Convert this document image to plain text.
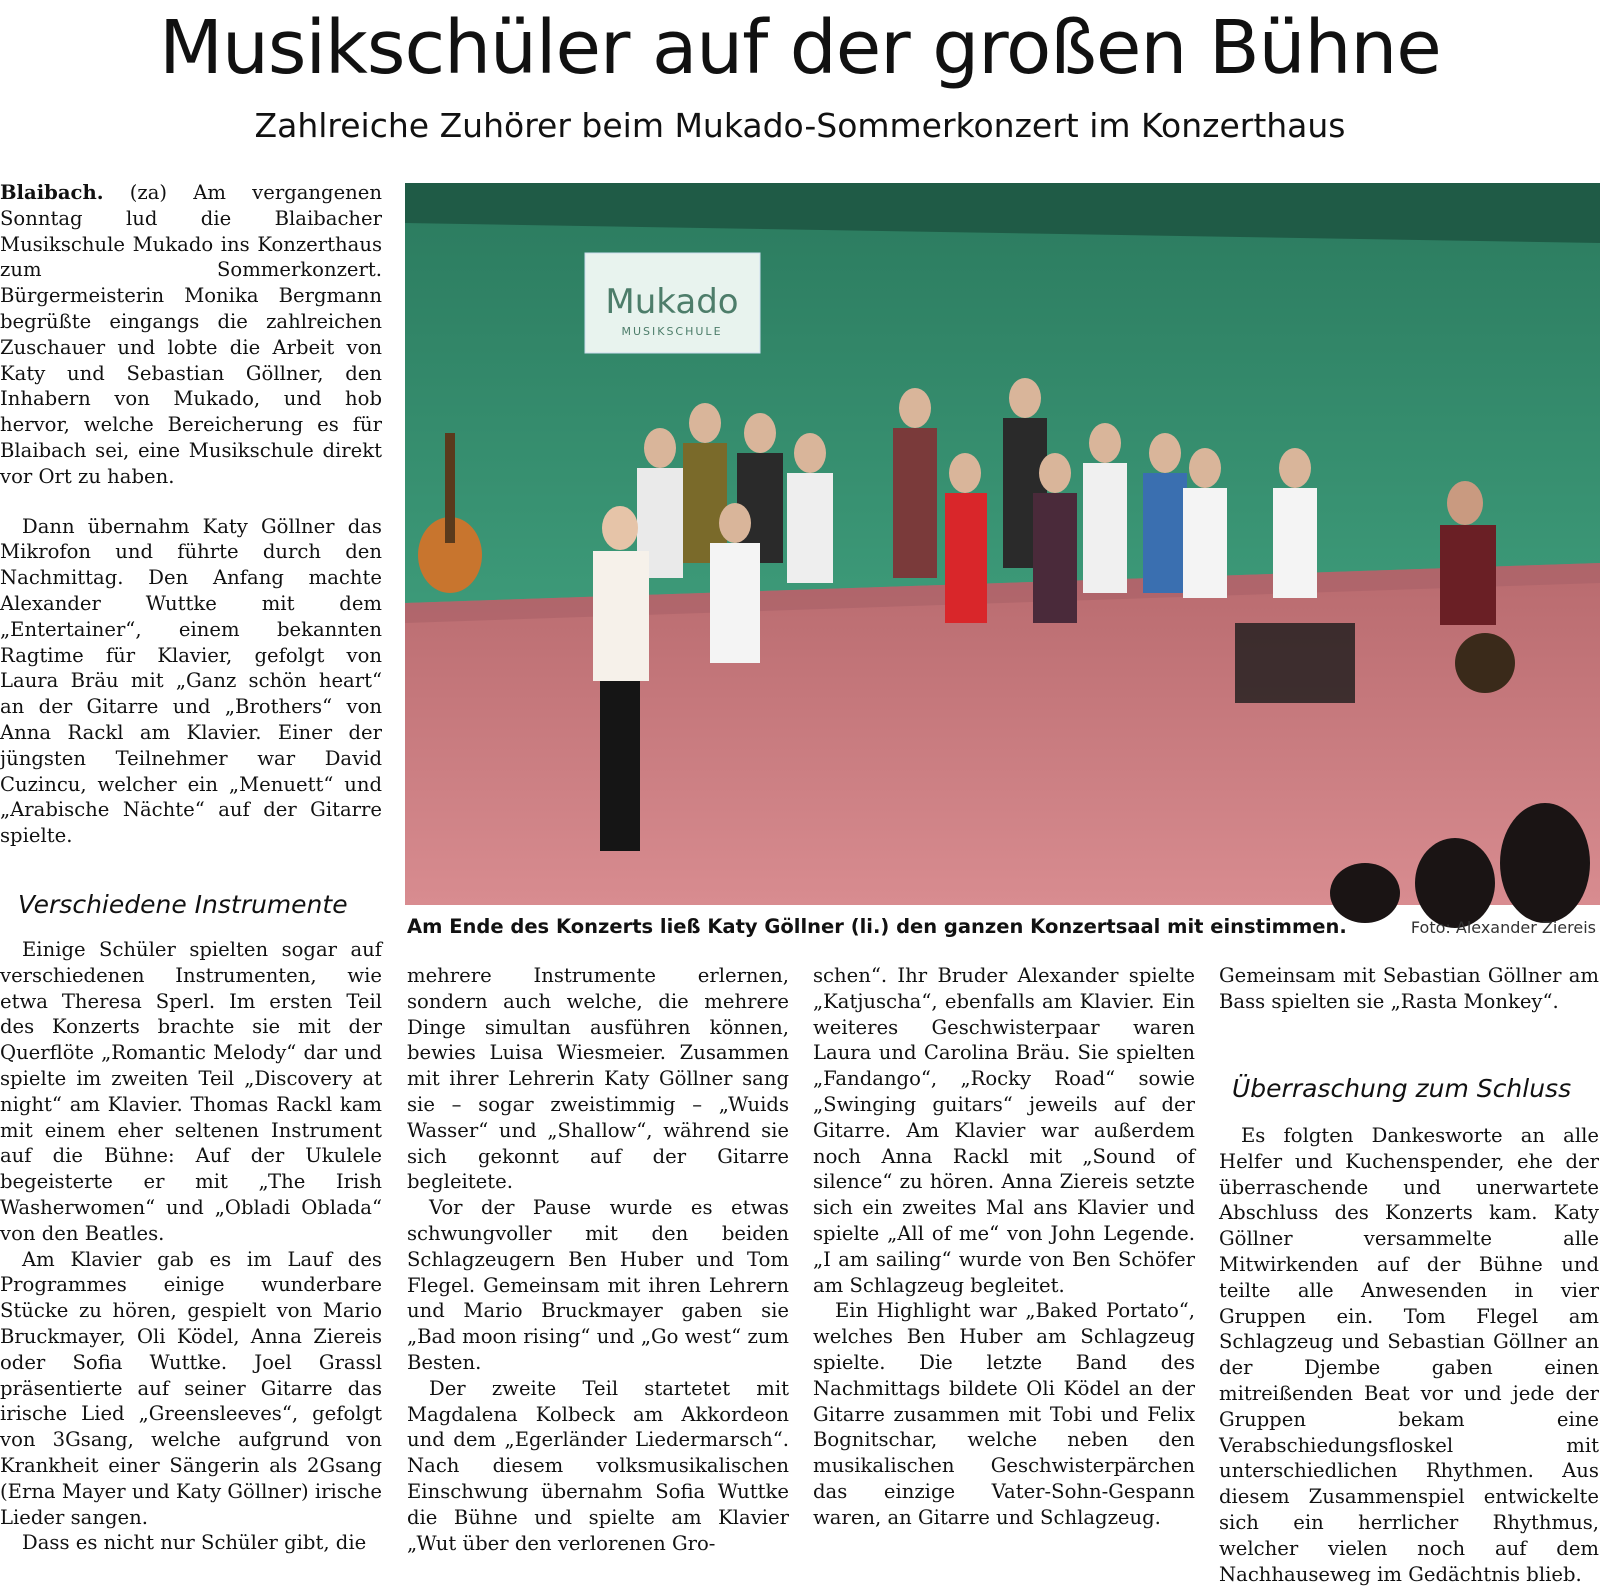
Musikschüler auf der großen Bühne
Zahlreiche Zuhörer beim Mukado-Sommerkonzert im Konzerthaus

Blaibach. (za) Am vergangenen Sonntag lud die Blaibacher Musikschule Mukado ins Konzerthaus zum Sommerkonzert. Bürgermeisterin Monika Bergmann begrüßte eingangs die zahlreichen Zuschauer und lobte die Arbeit von Katy und Sebastian Göllner, den Inhabern von Mukado, und hob hervor, welche Bereicherung es für Blaibach sei, eine Musikschule direkt vor Ort zu haben.

Dann übernahm Katy Göllner das Mikrofon und führte durch den Nachmittag. Den Anfang machte Alexander Wuttke mit dem „Entertainer“, einem bekannten Ragtime für Klavier, gefolgt von Laura Bräu mit „Ganz schön heart“ an der Gitarre und „Brothers“ von Anna Rackl am Klavier. Einer der jüngsten Teilnehmer war David Cuzincu, welcher ein „Menuett“ und „Arabische Nächte“ auf der Gitarre spielte.

Verschiedene Instrumente

Einige Schüler spielten sogar auf verschiedenen Instrumenten, wie etwa Theresa Sperl. Im ersten Teil des Konzerts brachte sie mit der Querflöte „Romantic Melody“ dar und spielte im zweiten Teil „Discovery at night“ am Klavier. Thomas Rackl kam mit einem eher seltenen Instrument auf die Bühne: Auf der Ukulele begeisterte er mit „The Irish Washerwomen“ und „Obladi Oblada“ von den Beatles.

Am Klavier gab es im Lauf des Programmes einige wunderbare Stücke zu hören, gespielt von Mario Bruckmayer, Oli Ködel, Anna Ziereis oder Sofia Wuttke. Joel Grassl präsentierte auf seiner Gitarre das irische Lied „Greensleeves“, gefolgt von 3Gsang, welche aufgrund von Krankheit einer Sängerin als 2Gsang (Erna Mayer und Katy Göllner) irische Lieder sangen.

Dass es nicht nur Schüler gibt, die

Mukado
MUSIKSCHULE

Am Ende des Konzerts ließ Katy Göllner (li.) den ganzen Konzertsaal mit einstimmen.	Foto: Alexander Ziereis

mehrere Instrumente erlernen, sondern auch welche, die mehrere Dinge simultan ausführen können, bewies Luisa Wiesmeier. Zusammen mit ihrer Lehrerin Katy Göllner sang sie – sogar zweistimmig – „Wuids Wasser“ und „Shallow“, während sie sich gekonnt auf der Gitarre begleitete.

Vor der Pause wurde es etwas schwungvoller mit den beiden Schlagzeugern Ben Huber und Tom Flegel. Gemeinsam mit ihren Lehrern und Mario Bruckmayer gaben sie „Bad moon rising“ und „Go west“ zum Besten.

Der zweite Teil startetet mit Magdalena Kolbeck am Akkordeon und dem „Egerländer Liedermarsch“. Nach diesem volksmusikalischen Einschwung übernahm Sofia Wuttke die Bühne und spielte am Klavier „Wut über den verlorenen Gro-

schen“. Ihr Bruder Alexander spielte „Katjuscha“, ebenfalls am Klavier. Ein weiteres Geschwisterpaar waren Laura und Carolina Bräu. Sie spielten „Fandango“, „Rocky Road“ sowie „Swinging guitars“ jeweils auf der Gitarre. Am Klavier war außerdem noch Anna Rackl mit „Sound of silence“ zu hören. Anna Ziereis setzte sich ein zweites Mal ans Klavier und spielte „All of me“ von John Legende. „I am sailing“ wurde von Ben Schöfer am Schlagzeug begleitet.

Ein Highlight war „Baked Portato“, welches Ben Huber am Schlagzeug spielte. Die letzte Band des Nachmittags bildete Oli Ködel an der Gitarre zusammen mit Tobi und Felix Bognitschar, welche neben den musikalischen Geschwisterpärchen das einzige Vater-Sohn-Gespann waren, an Gitarre und Schlagzeug.

Gemeinsam mit Sebastian Göllner am Bass spielten sie „Rasta Monkey“.

Überraschung zum Schluss

Es folgten Dankesworte an alle Helfer und Kuchenspender, ehe der überraschende und unerwartete Abschluss des Konzerts kam. Katy Göllner versammelte alle Mitwirkenden auf der Bühne und teilte alle Anwesenden in vier Gruppen ein. Tom Flegel am Schlagzeug und Sebastian Göllner an der Djembe gaben einen mitreißenden Beat vor und jede der Gruppen bekam eine Verabschiedungsfloskel mit unterschiedlichen Rhythmen. Aus diesem Zusammenspiel entwickelte sich ein herrlicher Rhythmus, welcher vielen noch auf dem Nachhauseweg im Gedächtnis blieb.
